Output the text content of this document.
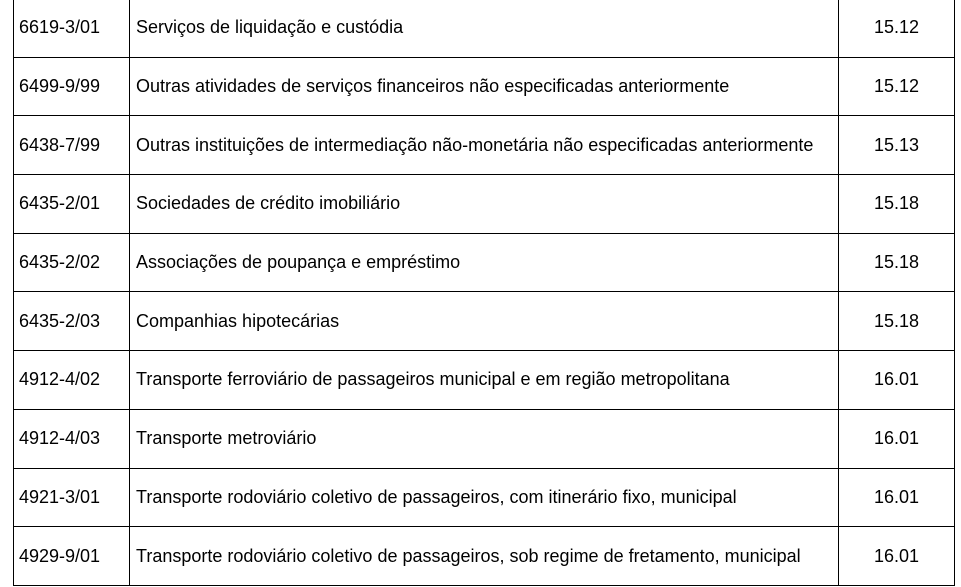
6619-3/01	Serviços de liquidação e custódia	15.12
6499-9/99	Outras atividades de serviços financeiros não especificadas anteriormente	15.12
6438-7/99	Outras instituições de intermediação não-monetária não especificadas anteriormente	15.13
6435-2/01	Sociedades de crédito imobiliário	15.18
6435-2/02	Associações de poupança e empréstimo	15.18
6435-2/03	Companhias hipotecárias	15.18
4912-4/02	Transporte ferroviário de passageiros municipal e em região metropolitana	16.01
4912-4/03	Transporte metroviário	16.01
4921-3/01	Transporte rodoviário coletivo de passageiros, com itinerário fixo, municipal	16.01
4929-9/01	Transporte rodoviário coletivo de passageiros, sob regime de fretamento, municipal	16.01
